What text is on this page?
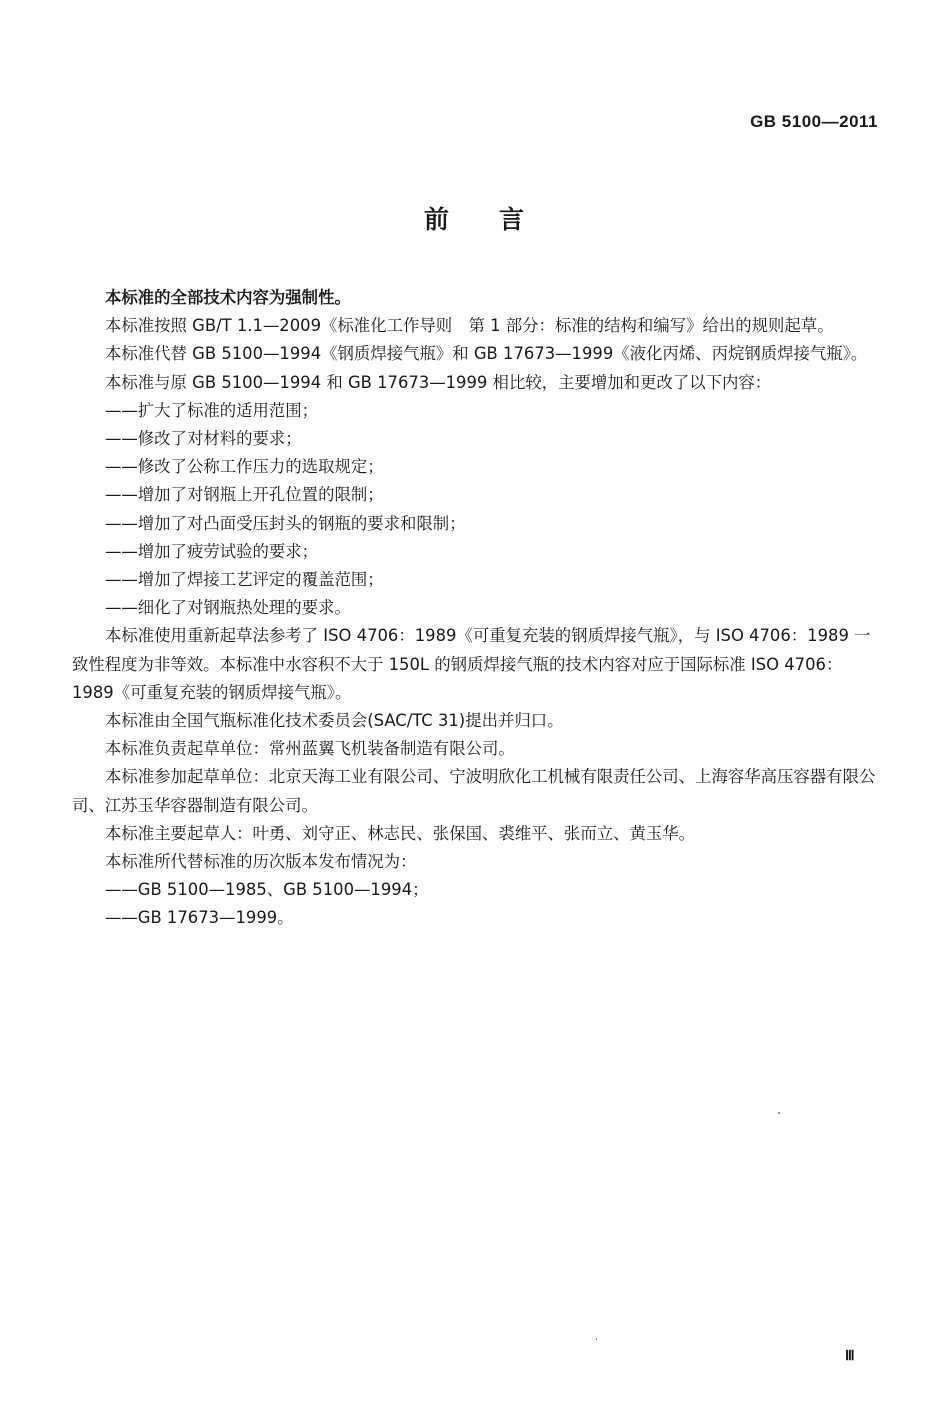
GB 5100—2011
前 言

本标准的全部技术内容为强制性。

本标准按照 GB/T 1.1—2009《标准化工作导则　第 1 部分：标准的结构和编写》给出的规则起草。

本标准代替 GB 5100—1994《钢质焊接气瓶》和 GB 17673—1999《液化丙烯、丙烷钢质焊接气瓶》。

本标准与原 GB 5100—1994 和 GB 17673—1999 相比较，主要增加和更改了以下内容：

——扩大了标准的适用范围；

——修改了对材料的要求；

——修改了公称工作压力的选取规定；

——增加了对钢瓶上开孔位置的限制；

——增加了对凸面受压封头的钢瓶的要求和限制；

——增加了疲劳试验的要求；

——增加了焊接工艺评定的覆盖范围；

——细化了对钢瓶热处理的要求。

本标准使用重新起草法参考了 ISO 4706：1989《可重复充装的钢质焊接气瓶》，与 ISO 4706：1989 一致性程度为非等效。本标准中水容积不大于 150L 的钢质焊接气瓶的技术内容对应于国际标准 ISO 4706：1989《可重复充装的钢质焊接气瓶》。

本标准由全国气瓶标准化技术委员会(SAC/TC 31)提出并归口。

本标准负责起草单位：常州蓝翼飞机装备制造有限公司。

本标准参加起草单位：北京天海工业有限公司、宁波明欣化工机械有限责任公司、上海容华高压容器有限公司、江苏玉华容器制造有限公司。

本标准主要起草人：叶勇、刘守正、林志民、张保国、裘维平、张而立、黄玉华。

本标准所代替标准的历次版本发布情况为：

——GB 5100—1985、GB 5100—1994；

——GB 17673—1999。

Ⅲ
